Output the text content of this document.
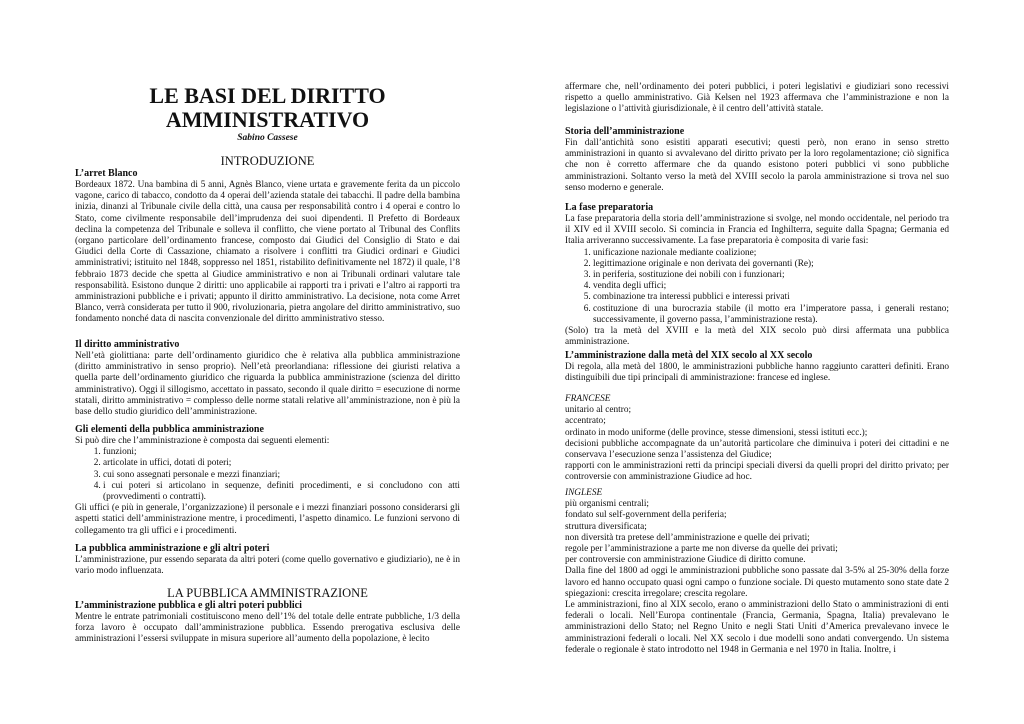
LE BASI DEL DIRITTO
AMMINISTRATIVO
Sabino Cassese
INTRODUZIONE
L’arret Blanco

Bordeaux 1872. Una bambina di 5 anni, Agnès Blanco, viene urtata e gravemente ferita da un piccolo vagone, carico di tabacco, condotto da 4 operai dell’azienda statale dei tabacchi. Il padre della bambina inizia, dinanzi al Tribunale civile della città, una causa per responsabilità contro i 4 operai e contro lo Stato, come civilmente responsabile dell’imprudenza dei suoi dipendenti. Il Prefetto di Bordeaux declina la competenza del Tribunale e solleva il conflitto, che viene portato al Tribunal des Conflits (organo particolare dell’ordinamento francese, composto dai Giudici del Consiglio di Stato e dai Giudici della Corte di Cassazione, chiamato a risolvere i conflitti tra Giudici ordinari e Giudici amministrativi; istituito nel 1848, soppresso nel 1851, ristabilito definitivamente nel 1872) il quale, l’8 febbraio 1873 decide che spetta al Giudice amministrativo e non ai Tribunali ordinari valutare tale responsabilità. Esistono dunque 2 diritti: uno applicabile ai rapporti tra i privati e l’altro ai rapporti tra amministrazioni pubbliche e i privati; appunto il diritto amministrativo. La decisione, nota come Arret Blanco, verrà considerata per tutto il 900, rivoluzionaria, pietra angolare del diritto amministrativo, suo fondamento nonché data di nascita convenzionale del diritto amministrativo stesso.

Il diritto amministrativo

Nell’età giolittiana: parte dell’ordinamento giuridico che è relativa alla pubblica amministrazione (diritto amministrativo in senso proprio). Nell’età preorlandiana: riflessione dei giuristi relativa a quella parte dell’ordinamento giuridico che riguarda la pubblica amministrazione (scienza del diritto amministrativo). Oggi il sillogismo, accettato in passato, secondo il quale diritto = esecuzione di norme statali, diritto amministrativo = complesso delle norme statali relative all’amministrazione, non è più la base dello studio giuridico dell’amministrazione.

Gli elementi della pubblica amministrazione

Si può dire che l’amministrazione è composta dai seguenti elementi:

1. funzioni;
2. articolate in uffici, dotati di poteri;
3. cui sono assegnati personale e mezzi finanziari;
4. i cui poteri si articolano in sequenze, definiti procedimenti, e si concludono con atti (provvedimenti o contratti).

Gli uffici (e più in generale, l’organizzazione) il personale e i mezzi finanziari possono considerarsi gli aspetti statici dell’amministrazione mentre, i procedimenti, l’aspetto dinamico. Le funzioni servono di collegamento tra gli uffici e i procedimenti.

La pubblica amministrazione e gli altri poteri

L’amministrazione, pur essendo separata da altri poteri (come quello governativo e giudiziario), ne è in vario modo influenzata.

LA PUBBLICA AMMINISTRAZIONE
L’amministrazione pubblica e gli altri poteri pubblici

Mentre le entrate patrimoniali costituiscono meno dell’1% del totale delle entrate pubbliche, 1/3 della forza lavoro è occupato dall’amministrazione pubblica. Essendo prerogativa esclusiva delle amministrazioni l’essersi sviluppate in misura superiore all’aumento della popolazione, è lecito

affermare che, nell’ordinamento dei poteri pubblici, i poteri legislativi e giudiziari sono recessivi rispetto a quello amministrativo. Già Kelsen nel 1923 affermava che l’amministrazione e non la legislazione o l’attività giurisdizionale, è il centro dell’attività statale.

Storia dell’amministrazione

Fin dall’antichità sono esistiti apparati esecutivi; questi però, non erano in senso stretto amministrazioni in quanto si avvalevano del diritto privato per la loro regolamentazione; ciò significa che non è corretto affermare che da quando esistono poteri pubblici vi sono pubbliche amministrazioni. Soltanto verso la metà del XVIII secolo la parola amministrazione si trova nel suo senso moderno e generale.

La fase preparatoria

La fase preparatoria della storia dell’amministrazione si svolge, nel mondo occidentale, nel periodo tra il XIV ed il XVIII secolo. Si comincia in Francia ed Inghilterra, seguite dalla Spagna; Germania ed Italia arriveranno successivamente. La fase preparatoria è composita di varie fasi:

1. unificazione nazionale mediante coalizione;
2. legittimazione originale e non derivata dei governanti (Re);
3. in periferia, sostituzione dei nobili con i funzionari;
4. vendita degli uffici;
5. combinazione tra interessi pubblici e interessi privati
6. costituzione di una burocrazia stabile (il motto era l’imperatore passa, i generali restano; successivamente, il governo passa, l’amministrazione resta).

(Solo) tra la metà del XVIII e la metà del XIX secolo può dirsi affermata una pubblica amministrazione.

L’amministrazione dalla metà del XIX secolo al XX secolo

Di regola, alla metà del 1800, le amministrazioni pubbliche hanno raggiunto caratteri definiti. Erano distinguibili due tipi principali di amministrazione: francese ed inglese.

FRANCESE
unitario al centro;
accentrato;
ordinato in modo uniforme (delle province, stesse dimensioni, stessi istituti ecc.);
decisioni pubbliche accompagnate da un’autorità particolare che diminuiva i poteri dei cittadini e ne conservava l’esecuzione senza l’assistenza del Giudice;
rapporti con le amministrazioni retti da principi speciali diversi da quelli propri del diritto privato; per controversie con amministrazione Giudice ad hoc.
INGLESE
più organismi centrali;
fondato sul self-government della periferia;
struttura diversificata;
non diversità tra pretese dell’amministrazione e quelle dei privati;
regole per l’amministrazione a parte me non diverse da quelle dei privati;
per controversie con amministrazione Giudice di diritto comune.

Dalla fine del 1800 ad oggi le amministrazioni pubbliche sono passate dal 3-5% al 25-30% della forze lavoro ed hanno occupato quasi ogni campo o funzione sociale. Di questo mutamento sono state date 2 spiegazioni: crescita irregolare; crescita regolare.

Le amministrazioni, fino al XIX secolo, erano o amministrazioni dello Stato o amministrazioni di enti federali o locali. Nell’Europa continentale (Francia, Germania, Spagna, Italia) prevalevano le amministrazioni dello Stato; nel Regno Unito e negli Stati Uniti d’America prevalevano invece le amministrazioni federali o locali. Nel XX secolo i due modelli sono andati convergendo. Un sistema federale o regionale è stato introdotto nel 1948 in Germania e nel 1970 in Italia. Inoltre, i
